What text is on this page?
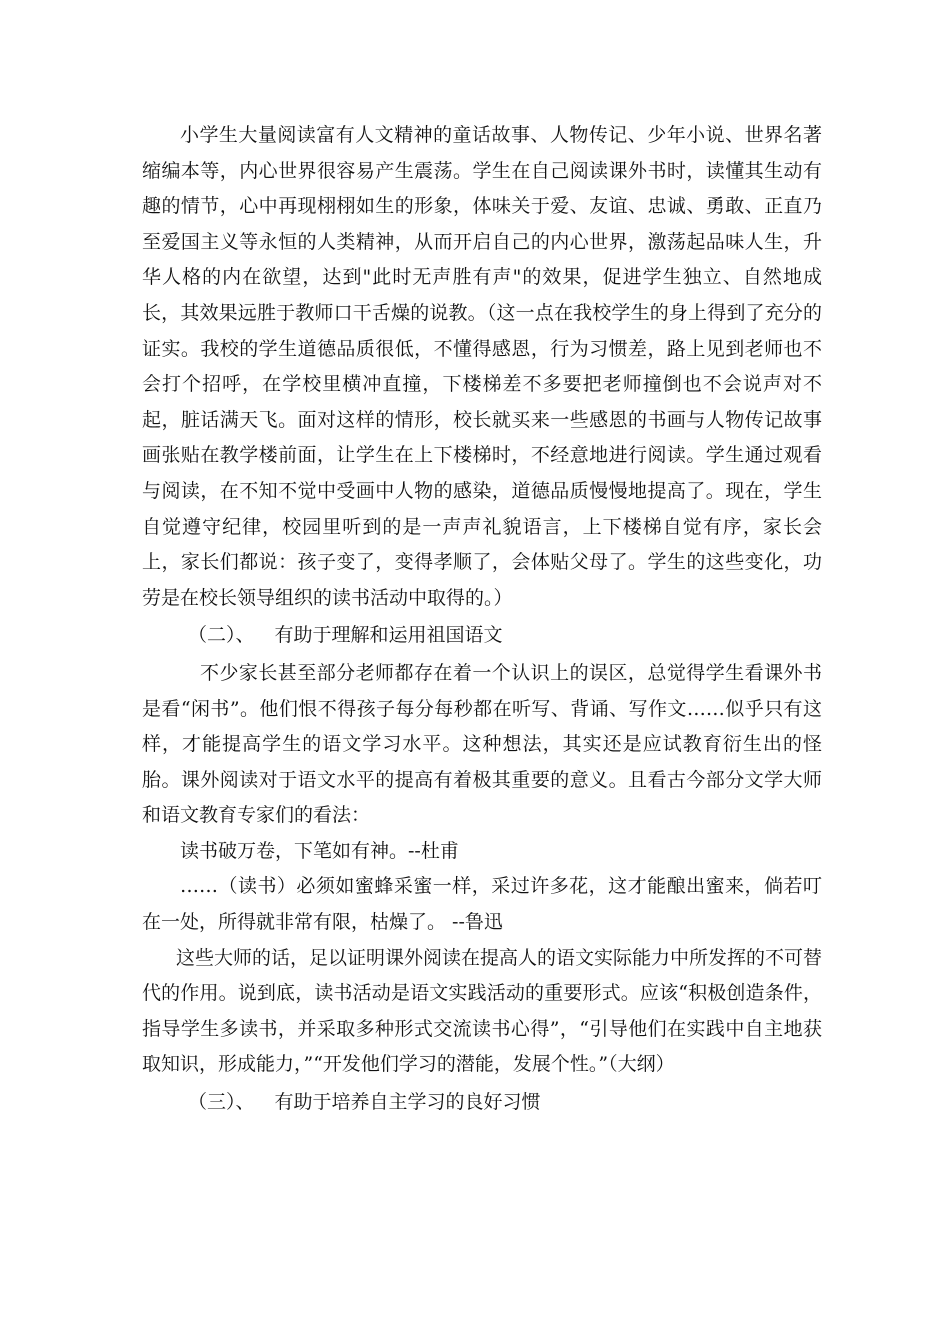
小学生大量阅读富有人文精神的童话故事、人物传记、少年小说、世界名著缩编本等，内心世界很容易产生震荡。学生在自己阅读课外书时，读懂其生动有趣的情节，心中再现栩栩如生的形象，体味关于爱、友谊、忠诚、勇敢、正直乃至爱国主义等永恒的人类精神，从而开启自己的内心世界，激荡起品味人生，升华人格的内在欲望，达到"此时无声胜有声"的效果，促进学生独立、自然地成长，其效果远胜于教师口干舌燥的说教。（这一点在我校学生的身上得到了充分的证实。我校的学生道德品质很低，不懂得感恩，行为习惯差，路上见到老师也不会打个招呼，在学校里横冲直撞，下楼梯差不多要把老师撞倒也不会说声对不起，脏话满天飞。面对这样的情形，校长就买来一些感恩的书画与人物传记故事画张贴在教学楼前面，让学生在上下楼梯时，不经意地进行阅读。学生通过观看与阅读，在不知不觉中受画中人物的感染，道德品质慢慢地提高了。现在，学生自觉遵守纪律，校园里听到的是一声声礼貌语言，上下楼梯自觉有序，家长会上，家长们都说：孩子变了，变得孝顺了，会体贴父母了。学生的这些变化，功劳是在校长领导组织的读书活动中取得的。）

（二）、 有助于理解和运用祖国语文

不少家长甚至部分老师都存在着一个认识上的误区，总觉得学生看课外书是看“闲书”。他们恨不得孩子每分每秒都在听写、背诵、写作文……似乎只有这样，才能提高学生的语文学习水平。这种想法，其实还是应试教育衍生出的怪胎。课外阅读对于语文水平的提高有着极其重要的意义。且看古今部分文学大师和语文教育专家们的看法：

读书破万卷，下笔如有神。--杜甫

……（读书）必须如蜜蜂采蜜一样，采过许多花，这才能酿出蜜来，倘若叮在一处，所得就非常有限，枯燥了。 --鲁迅

这些大师的话，足以证明课外阅读在提高人的语文实际能力中所发挥的不可替代的作用。说到底，读书活动是语文实践活动的重要形式。应该“积极创造条件，指导学生多读书，并采取多种形式交流读书心得”，“引导他们在实践中自主地获取知识，形成能力，”“开发他们学习的潜能，发展个性。”（大纲）

（三）、 有助于培养自主学习的良好习惯
